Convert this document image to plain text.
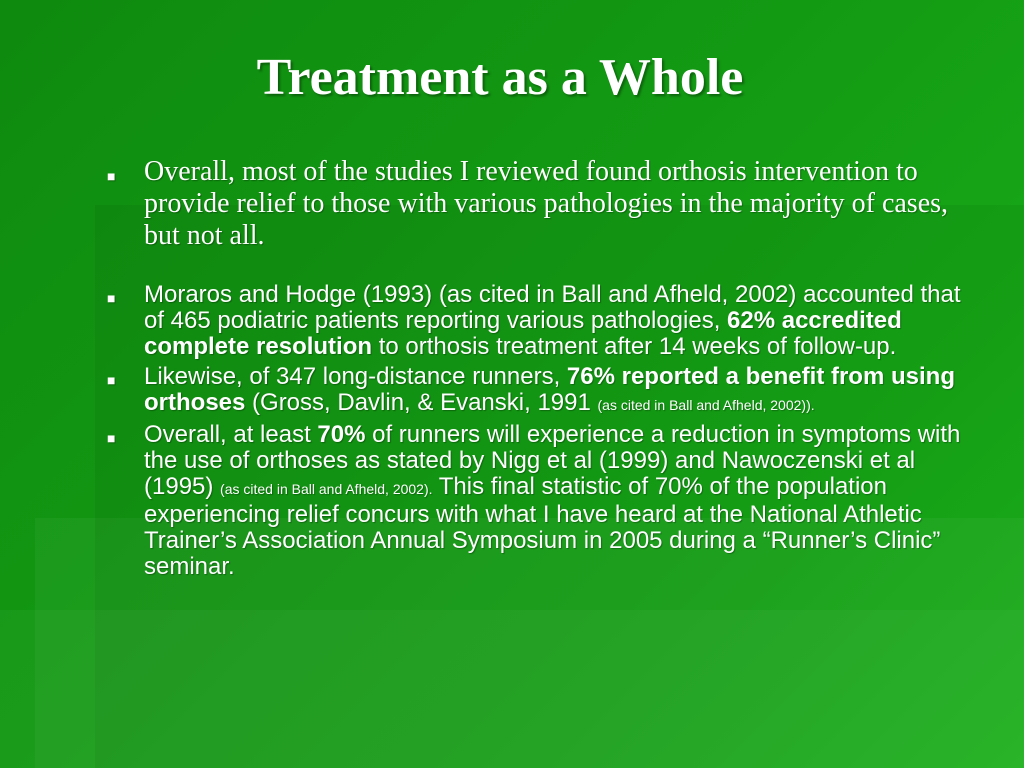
Treatment as a Whole
■ Overall, most of the studies I reviewed found orthosis intervention to provide relief to those with various pathologies in the majority of cases, but not all.
■ Moraros and Hodge (1993) (as cited in Ball and Afheld, 2002) accounted that of 465 podiatric patients reporting various pathologies, 62% accredited complete resolution to orthosis treatment after 14 weeks of follow-up.
■ Likewise, of 347 long-distance runners, 76% reported a benefit from using orthoses (Gross, Davlin, & Evanski, 1991 (as cited in Ball and Afheld, 2002)).
■ Overall, at least 70% of runners will experience a reduction in symptoms with the use of orthoses as stated by Nigg et al (1999) and Nawoczenski et al (1995) (as cited in Ball and Afheld, 2002). This final statistic of 70% of the population experiencing relief concurs with what I have heard at the National Athletic Trainer’s Association Annual Symposium in 2005 during a “Runner’s Clinic” seminar.
